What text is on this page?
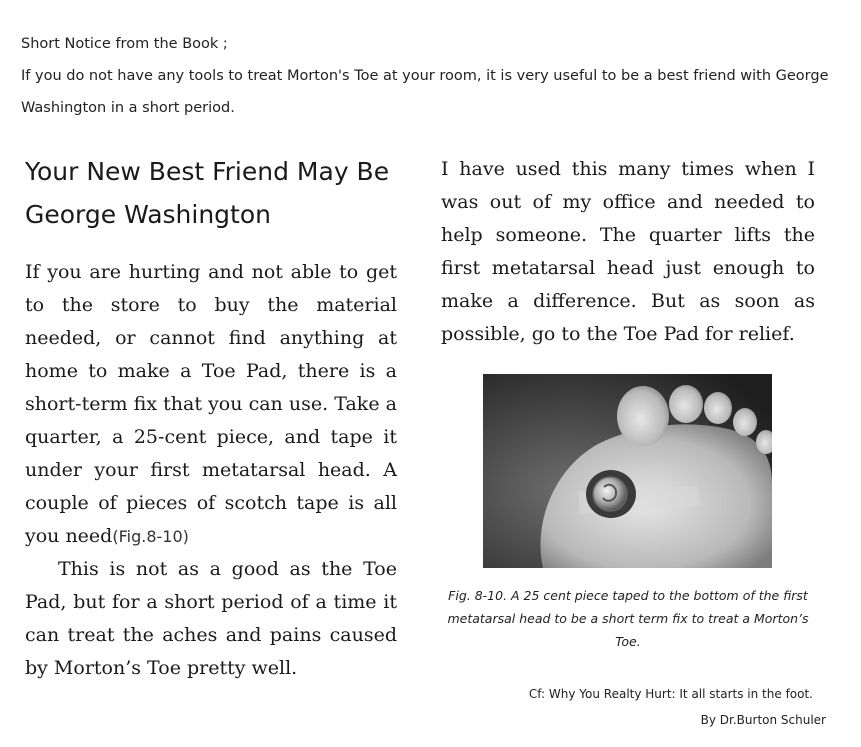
Short Notice from the Book ;

If you do not have any tools to treat Morton's Toe at your room, it is very useful to be a best friend with George Washington in a short period.

Your New Best Friend May Be George Washington

If you are hurting and not able to get to the store to buy the material needed, or cannot find anything at home to make a Toe Pad, there is a short-term fix that you can use. Take a quarter, a 25-cent piece, and tape it under your first metatarsal head. A couple of pieces of scotch tape is all you need(Fig.8-10)

This is not as a good as the Toe Pad, but for a short period of a time it can treat the aches and pains caused by Morton’s Toe pretty well.

I have used this many times when I was out of my office and needed to help someone. The quarter lifts the first metatarsal head just enough to make a difference. But as soon as possible, go to the Toe Pad for relief.

Fig. 8-10. A 25 cent piece taped to the bottom of the first metatarsal head to be a short term fix to treat a Morton’s Toe.
Cf: Why You Realty Hurt: It all starts in the foot.
By Dr.Burton Schuler
